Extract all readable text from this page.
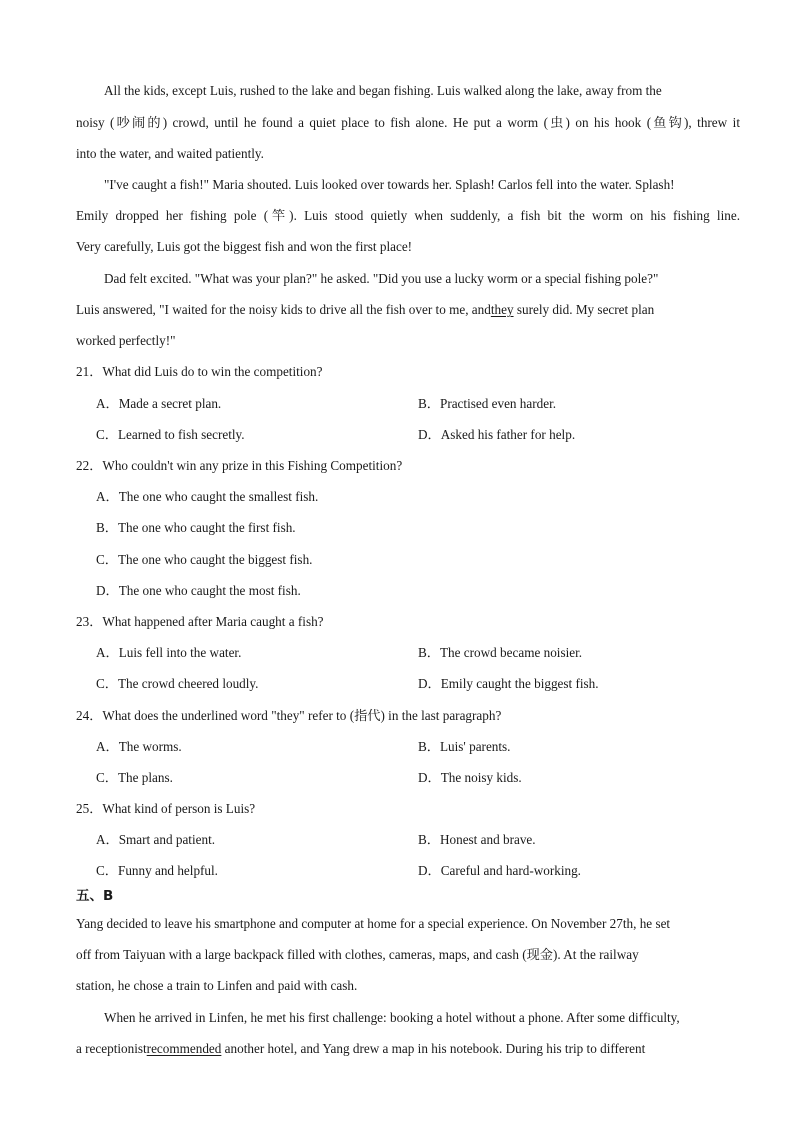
All the kids, except Luis, rushed to the lake and began fishing. Luis walked along the lake, away from the
noisy (吵闹的) crowd, until he found a quiet place to fish alone. He put a worm (虫) on his hook (鱼钩), threw it
into the water, and waited patiently.
"I've caught a fish!" Maria shouted. Luis looked over towards her. Splash! Carlos fell into the water. Splash!
Emily dropped her fishing pole (竿). Luis stood quietly when suddenly, a fish bit the worm on his fishing line.
Very carefully, Luis got the biggest fish and won the first place!
Dad felt excited. "What was your plan?" he asked. "Did you use a lucky worm or a special fishing pole?"
Luis answered, "I waited for the noisy kids to drive all the fish over to me, andthey surely did. My secret plan
worked perfectly!"
21．What did Luis do to win the competition?
A．Made a secret plan.	B．Practised even harder.
C．Learned to fish secretly.	D．Asked his father for help.
22．Who couldn't win any prize in this Fishing Competition?
A．The one who caught the smallest fish.
B．The one who caught the first fish.
C．The one who caught the biggest fish.
D．The one who caught the most fish.
23．What happened after Maria caught a fish?
A．Luis fell into the water.	B．The crowd became noisier.
C．The crowd cheered loudly.	D．Emily caught the biggest fish.
24．What does the underlined word "they" refer to (指代) in the last paragraph?
A．The worms.	B．Luis' parents.
C．The plans.	D．The noisy kids.
25．What kind of person is Luis?
A．Smart and patient.	B．Honest and brave.
C．Funny and helpful.	D．Careful and hard-working.
五、B
Yang decided to leave his smartphone and computer at home for a special experience. On November 27th, he set
off from Taiyuan with a large backpack filled with clothes, cameras, maps, and cash (现金). At the railway
station, he chose a train to Linfen and paid with cash.
When he arrived in Linfen, he met his first challenge: booking a hotel without a phone. After some difficulty,
a receptionistrecommended another hotel, and Yang drew a map in his notebook. During his trip to different
